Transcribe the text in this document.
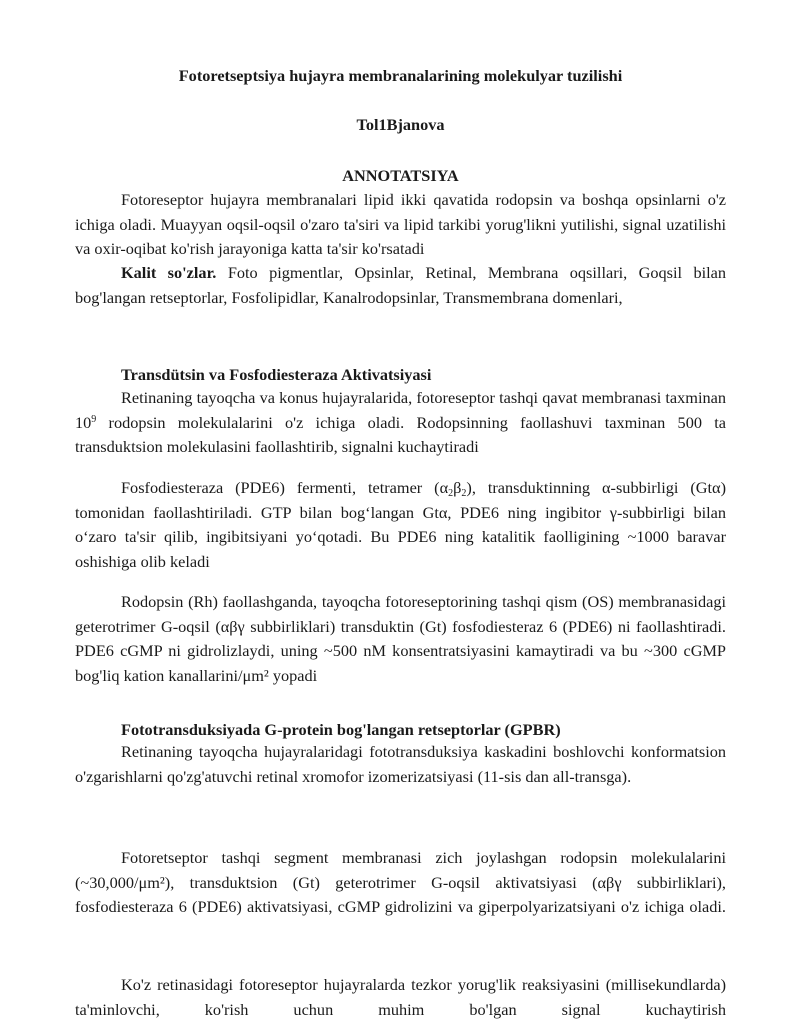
Fotoretseptsiya hujayra membranalarining molekulyar tuzilishi
Tol1Bjanova
ANNOTATSIYA
Fotoreseptor hujayra membranalari lipid ikki qavatida rodopsin va boshqa opsinlarni o'z ichiga oladi. Muayyan oqsil-oqsil o'zaro ta'siri va lipid tarkibi yorug'likni yutilishi, signal uzatilishi va oxir-oqibat ko'rish jarayoniga katta ta'sir ko'rsatadi
Kalit so'zlar. Foto pigmentlar, Opsinlar, Retinal, Membrana oqsillari, Goqsil bilan bog'langan retseptorlar, Fosfolipidlar, Kanalrodopsinlar, Transmembrana domenlari,
Transdütsin va Fosfodiesteraza Aktivatsiyasi
Retinaning tayoqcha va konus hujayralarida, fotoreseptor tashqi qavat membranasi taxminan $10^9$ rodopsin molekulalarini o'z ichiga oladi. Rodopsinning faollashuvi taxminan 500 ta transduktsion molekulasini faollashtirib, signalni kuchaytiradi
Fosfodiesteraza (PDE6) fermenti, tetramer $(\alpha_2\beta_2)$, transduktinning α-subbirligi (Gtα) tomonidan faollashtiriladi. GTP bilan bog‘langan Gtα, PDE6 ning ingibitor γ-subbirligi bilan o‘zaro ta'sir qilib, ingibitsiyani yo‘qotadi. Bu PDE6 ning katalitik faolligining ~1000 baravar oshishiga olib keladi
Rodopsin (Rh) faollashganda, tayoqcha fotoreseptorining tashqi qism (OS) membranasidagi geterotrimer G-oqsil (αβγ subbirliklari) transduktin (Gt) fosfodiesteraz 6 (PDE6) ni faollashtiradi. PDE6 cGMP ni gidrolizlaydi, uning ~500 nM konsentratsiyasini kamaytiradi va bu ~300 cGMP bog'liq kation kanallarini/μm² yopadi
Fototransduksiyada G-protein bog'langan retseptorlar (GPBR)
Retinaning tayoqcha hujayralaridagi fototransduksiya kaskadini boshlovchi konformatsion o'zgarishlarni qo'zg'atuvchi retinal xromofor izomerizatsiyasi (11-sis dan all-transga).
Fotoretseptor tashqi segment membranasi zich joylashgan rodopsin molekulalarini (~30,000/μm²), transduktsion (Gt) geterotrimer G-oqsil aktivatsiyasi (αβγ subbirliklari), fosfodiesteraza 6 (PDE6) aktivatsiyasi, cGMP gidrolizini va giperpolyarizatsiyani o'z ichiga oladi.
Ko'z retinasidagi fotoreseptor hujayralarda tezkor yorug'lik reaksiyasini (millisekundlarda) ta'minlovchi, ko'rish uchun muhim bo'lgan signal kuchaytirish
